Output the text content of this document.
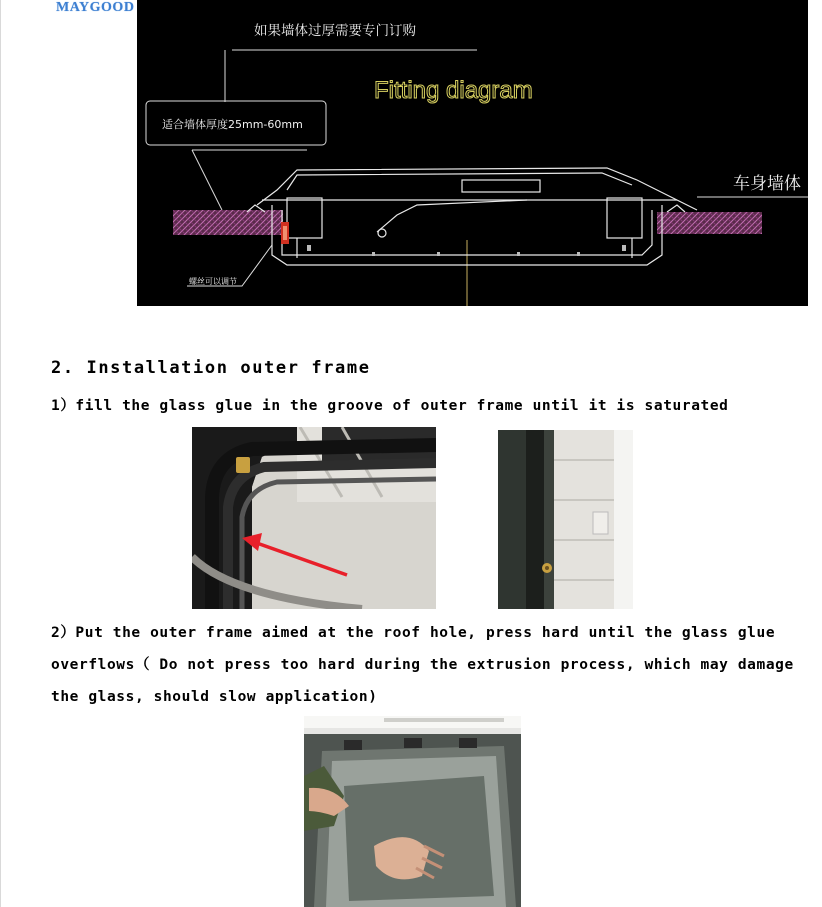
MAYGOOD
Fitting diagram
如果墙体过厚需要专门订购
适合墙体厚度25mm-60mm
车身墙体
螺丝可以调节
2. Installation outer frame
1）fill the glass glue in the groove of outer frame until it is saturated
2）Put the outer frame aimed at the roof hole, press hard until the glass glue
overflows（ Do not press too hard during the extrusion process, which may damage
the glass, should slow application)
